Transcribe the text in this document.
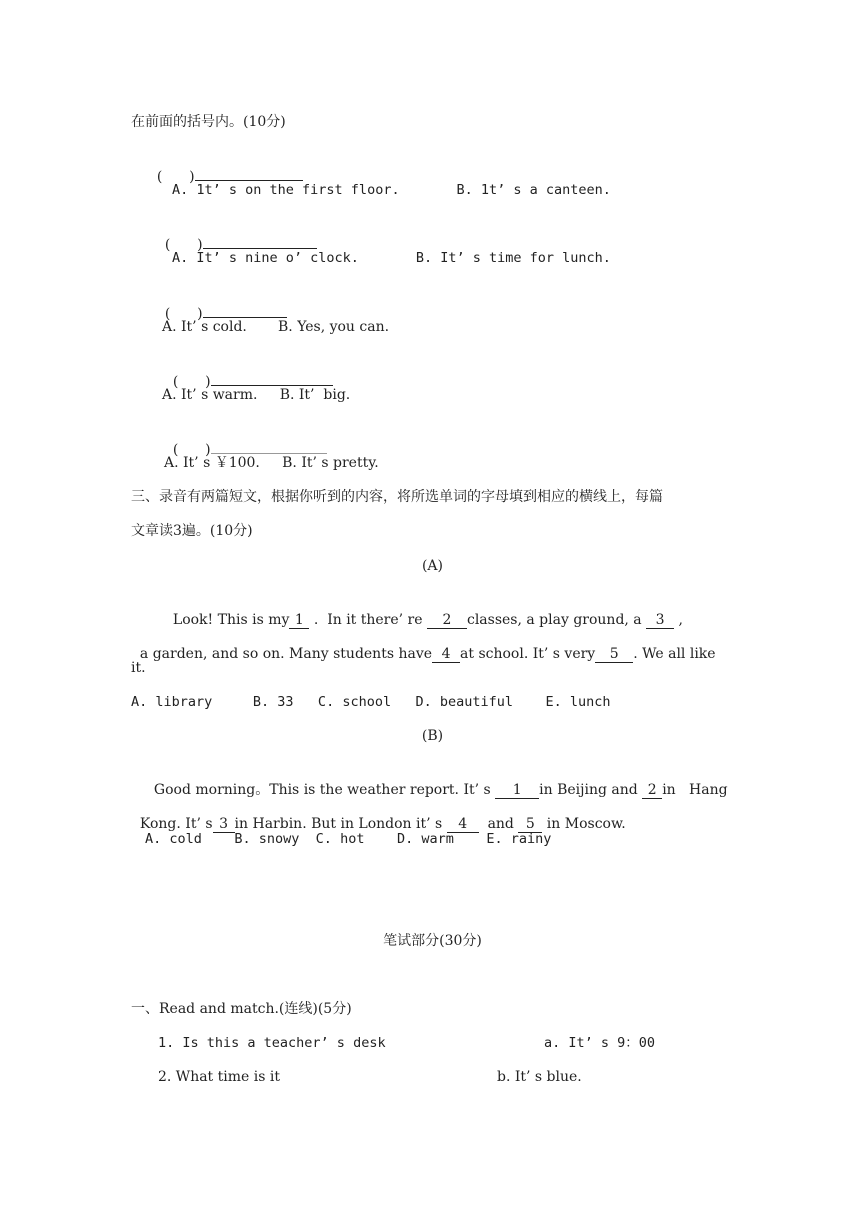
在前面的括号内。(10分)

(      )

A. 1t’ s on the first floor.       B. 1t’ s a canteen.

(      )

A. It’ s nine o’ clock.       B. It’ s time for lunch.

(      )

A. It’ s cold.       B. Yes, you can.

(      )

A. It’ s warm.     B. It’  big.

(      )

A. It’ s ￥100.     B. It’ s pretty.
三、录音有两篇短文，根据你听到的内容，将所选单词的字母填到相应的横线上，每篇
文章读3遍。(10分)
(A)

Look! This is my 1 .  In it there’ re 2 classes, a play ground, a 3 ,

a garden, and so on. Many students have 4 at school. It’ s very 5 . We all like

it.
A. library     B. 33   C. school   D. beautiful    E. lunch
(B)

Good morning。This is the weather report. It’ s 1 in Beijing and 2 in   Hang

Kong. It’ s 3 in Harbin. But in London it’ s 4  and 5 in Moscow.

A. cold    B. snowy  C. hot    D. warm    E. rainy
笔试部分(30分)
一、Read and match.(连线)(5分)
1. Is this a teacher’ s desk	a. It’ s 9：00
2. What time is it	b. It’ s blue.
